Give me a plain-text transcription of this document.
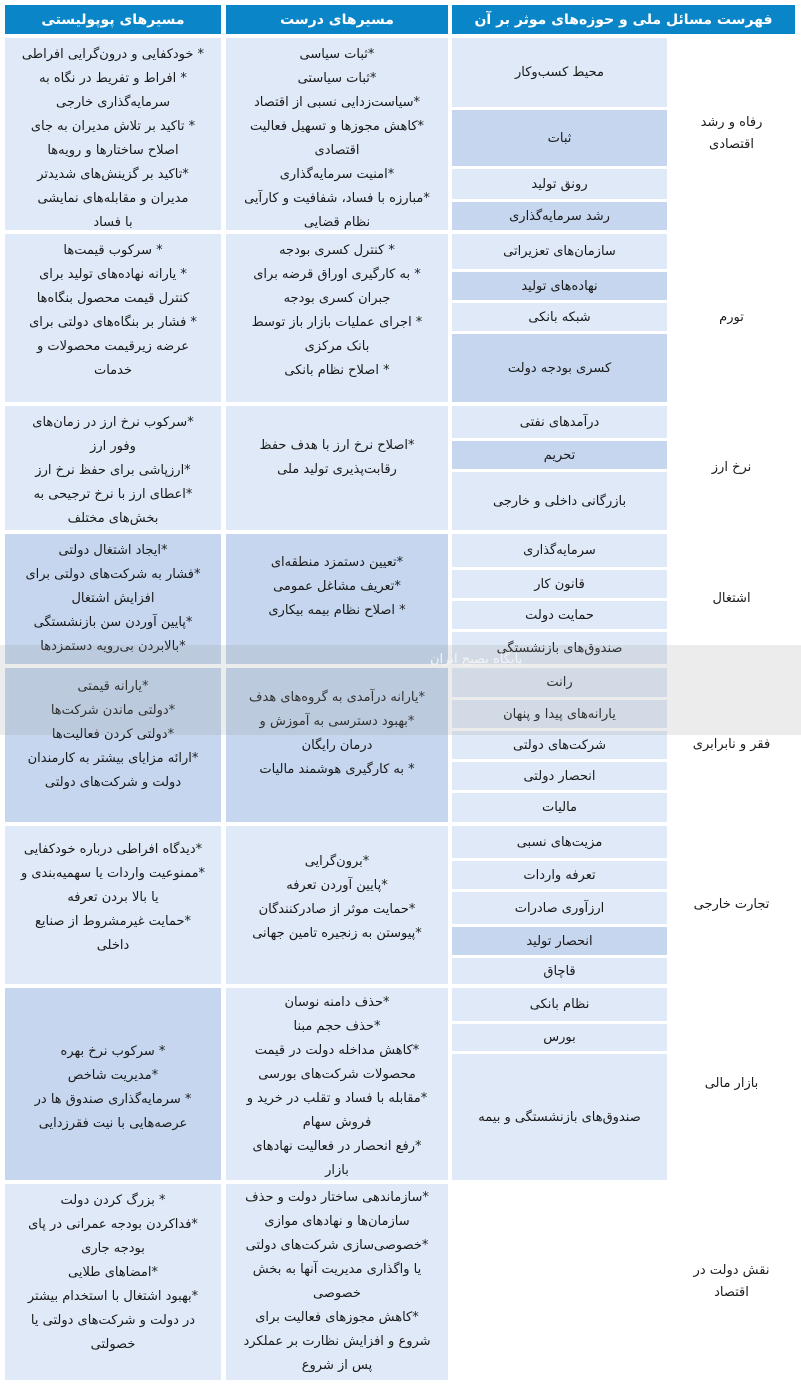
مسیرهای پوپولیستی	مسیرهای درست	فهرست مسائل ملی و حوزه‌های موثر بر آن
* خودکفایی و درون‌گرایی افراطی
* افراط و تفریط در نگاه به
سرمایه‌گذاری خارجی
* تاکید بر تلاش مدیران به جای
اصلاح ساختارها و رویه‌ها
*تاکید بر گزینش‌های شدیدتر
مدیران و مقابله‌های نمایشی
با فساد
*ثبات سیاسی
*ثبات سیاستی
*سیاست‌زدایی نسبی از اقتصاد
*کاهش مجوزها و تسهیل فعالیت
اقتصادی
*امنیت سرمایه‌گذاری
*مبارزه با فساد، شفافیت و کارآیی
نظام قضایی
محیط کسب‌وکار
ثبات
رونق تولید
رشد سرمایه‌گذاری
رفاه و رشد
اقتصادی
* سرکوب قیمت‌ها
* یارانه نهاده‌های تولید برای
کنترل قیمت محصول بنگاه‌ها
* فشار بر بنگاه‌های دولتی برای
عرضه زیرقیمت محصولات و
خدمات
* کنترل کسری بودجه
* به کارگیری اوراق قرضه برای
جبران کسری بودجه
* اجرای عملیات بازار باز توسط
بانک مرکزی
* اصلاح نظام بانکی
سازمان‌های تعزیراتی
نهاده‌های تولید
شبکه بانکی
کسری بودجه دولت
تورم
*سرکوب نرخ ارز در زمان‌های
وفور ارز
*ارزپاشی برای حفظ نرخ ارز
*اعطای ارز با نرخ ترجیحی به
بخش‌های مختلف
*اصلاح نرخ ارز با هدف حفظ
رقابت‌پذیری تولید ملی
درآمدهای نفتی
تحریم
بازرگانی داخلی و خارجی
نرخ ارز
*ایجاد اشتغال دولتی
*فشار به شرکت‌های دولتی برای
افزایش اشتغال
*پایین آوردن سن بازنشستگی
*بالابردن بی‌رویه دستمزدها
*تعیین دستمزد منطقه‌ای
*تعریف مشاغل عمومی
* اصلاح نظام بیمه بیکاری
سرمایه‌گذاری
قانون کار
حمایت دولت
صندوق‌های بازنشستگی
اشتغال
*یارانه قیمتی
*دولتی ماندن شرکت‌ها
*دولتی کردن فعالیت‌ها
*ارائه مزایای بیشتر به کارمندان
دولت و شرکت‌های دولتی
*یارانه درآمدی به گروه‌های هدف
*بهبود دسترسی به آموزش و
درمان رایگان
* به کارگیری هوشمند مالیات
رانت
یارانه‌های پیدا و پنهان
شرکت‌های دولتی
انحصار دولتی
مالیات
فقر و نابرابری
*دیدگاه افراطی درباره خودکفایی
*ممنوعیت واردات یا سهمیه‌بندی و
یا بالا بردن تعرفه
*حمایت غیرمشروط از صنایع
داخلی
*برون‌گرایی
*پایین آوردن تعرفه
*حمایت موثر از صادرکنندگان
*پیوستن به زنجیره تامین جهانی
مزیت‌های نسبی
تعرفه واردات
ارزآوری صادرات
انحصار تولید
قاچاق
تجارت خارجی
* سرکوب نرخ بهره
*مدیریت شاخص
* سرمایه‌گذاری صندوق ها در
عرصه‌هایی با نیت فقرزدایی
*حذف دامنه نوسان
*حذف حجم مبنا
*کاهش مداخله دولت در قیمت
محصولات شرکت‌های بورسی
*مقابله با فساد و تقلب در خرید و
فروش سهام
*رفع انحصار در فعالیت نهادهای
بازار
نظام بانکی
بورس
صندوق‌های بازنشستگی و بیمه
بازار مالی
* بزرگ کردن دولت
*فداکردن بودجه عمرانی در پای
بودجه جاری
*امضاهای طلایی
*بهبود اشتغال با استخدام بیشتر
در دولت و شرکت‌های دولتی یا
خصولتی
*سازماندهی ساختار دولت و حذف
سازمان‌ها و نهادهای موازی
*خصوصی‌سازی شرکت‌های دولتی
یا واگذاری مدیریت آنها به بخش
خصوصی
*کاهش مجوزهای فعالیت برای
شروع و افزایش نظارت بر عملکرد
پس از شروع
نقش دولت در
اقتصاد
پایگاه بصیج ایران
